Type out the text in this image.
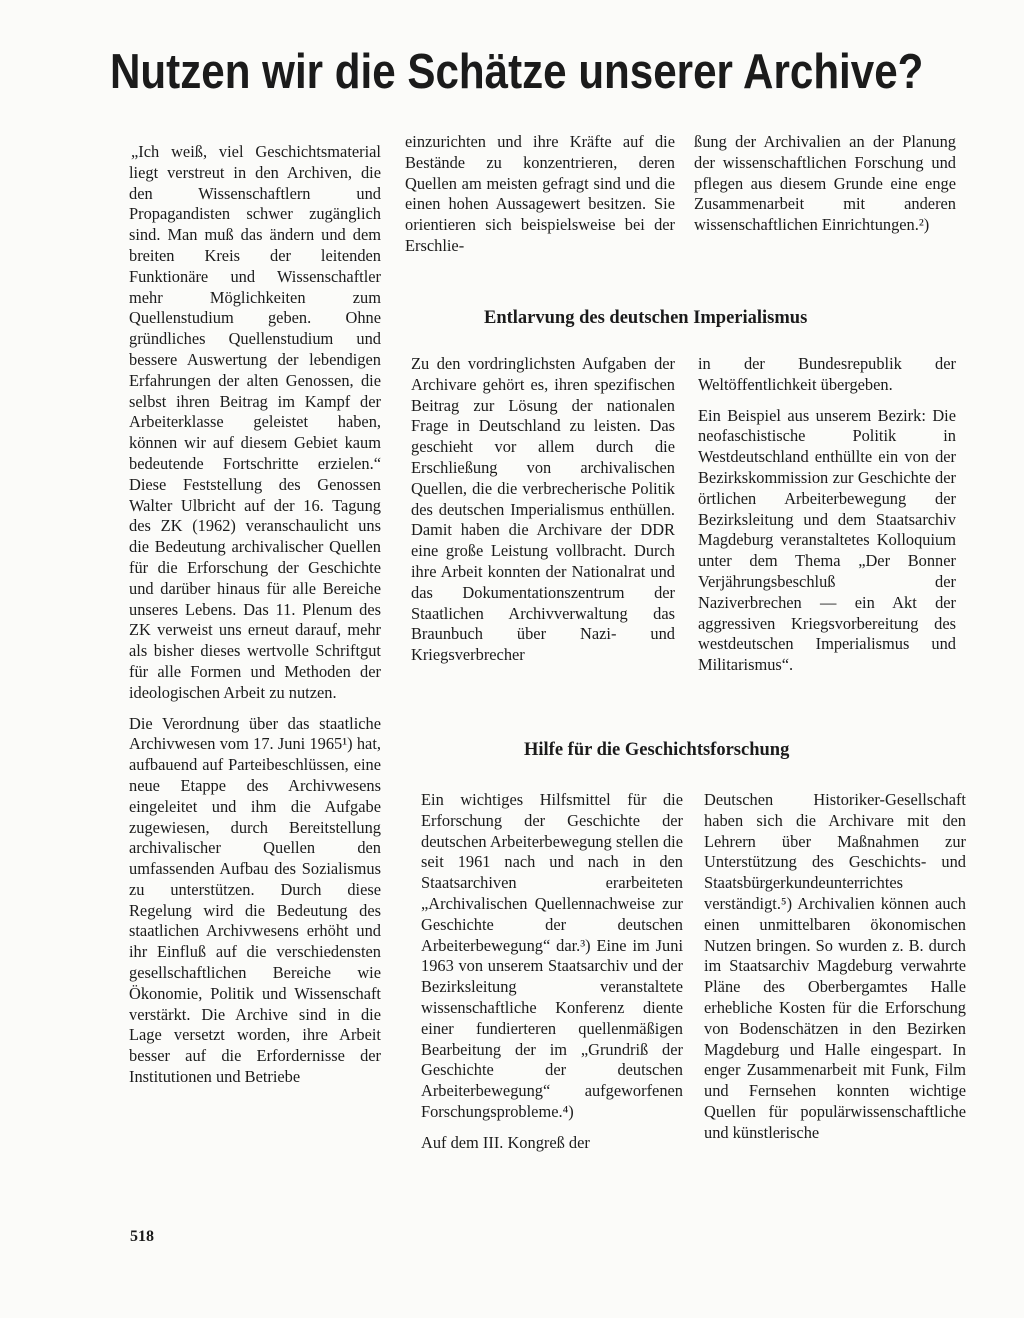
Nutzen wir die Schätze unserer Archive?

„Ich weiß, viel Geschichtsmaterial liegt verstreut in den Archiven, die den Wissenschaftlern und Propagandisten schwer zugänglich sind. Man muß das ändern und dem breiten Kreis der leitenden Funktionäre und Wissenschaftler mehr Möglichkeiten zum Quellenstudium geben. Ohne gründliches Quellenstudium und bessere Auswertung der lebendigen Erfahrungen der alten Genossen, die selbst ihren Beitrag im Kampf der Arbeiterklasse geleistet haben, können wir auf diesem Gebiet kaum bedeutende Fortschritte erzielen.“ Diese Feststellung des Genossen Walter Ulbricht auf der 16. Tagung des ZK (1962) veranschaulicht uns die Bedeutung archivalischer Quellen für die Erforschung der Geschichte und darüber hinaus für alle Bereiche unseres Lebens. Das 11. Plenum des ZK verweist uns erneut darauf, mehr als bisher dieses wertvolle Schriftgut für alle Formen und Methoden der ideologischen Arbeit zu nutzen.

Die Verordnung über das staatliche Archivwesen vom 17. Juni 1965¹) hat, aufbauend auf Parteibeschlüssen, eine neue Etappe des Archivwesens eingeleitet und ihm die Aufgabe zugewiesen, durch Bereitstellung archivalischer Quellen den umfassenden Aufbau des Sozialismus zu unterstützen. Durch diese Regelung wird die Bedeutung des staatlichen Archivwesens erhöht und ihr Einfluß auf die verschiedensten gesellschaftlichen Bereiche wie Ökonomie, Politik und Wissenschaft verstärkt. Die Archive sind in die Lage versetzt worden, ihre Arbeit besser auf die Erfordernisse der Institutionen und Betriebe

einzurichten und ihre Kräfte auf die Bestände zu konzentrieren, deren Quellen am meisten gefragt sind und die einen hohen Aussagewert besitzen. Sie orientieren sich beispielsweise bei der Erschlie-

ßung der Archivalien an der Planung der wissenschaftlichen Forschung und pflegen aus diesem Grunde eine enge Zusammenarbeit mit anderen wissenschaftlichen Einrichtungen.²)

Entlarvung des deutschen Imperialismus

Zu den vordringlichsten Aufgaben der Archivare gehört es, ihren spezifischen Beitrag zur Lösung der nationalen Frage in Deutschland zu leisten. Das geschieht vor allem durch die Erschließung von archivalischen Quellen, die die verbrecherische Politik des deutschen Imperialismus enthüllen. Damit haben die Archivare der DDR eine große Leistung vollbracht. Durch ihre Arbeit konnten der Nationalrat und das Dokumentationszentrum der Staatlichen Archivverwaltung das Braunbuch über Nazi- und Kriegsverbrecher

in der Bundesrepublik der Weltöffentlichkeit übergeben.

Ein Beispiel aus unserem Bezirk: Die neofaschistische Politik in Westdeutschland enthüllte ein von der Bezirkskommission zur Geschichte der örtlichen Arbeiterbewegung der Bezirksleitung und dem Staatsarchiv Magdeburg veranstaltetes Kolloquium unter dem Thema „Der Bonner Verjährungsbeschluß der Naziverbrechen — ein Akt der aggressiven Kriegsvorbereitung des westdeutschen Imperialismus und Militarismus“.

Hilfe für die Geschichtsforschung

Ein wichtiges Hilfsmittel für die Erforschung der Geschichte der deutschen Arbeiterbewegung stellen die seit 1961 nach und nach in den Staatsarchiven erarbeiteten „Archivalischen Quellennachweise zur Geschichte der deutschen Arbeiterbewegung“ dar.³) Eine im Juni 1963 von unserem Staatsarchiv und der Bezirksleitung veranstaltete wissenschaftliche Konferenz diente einer fundierteren quellenmäßigen Bearbeitung der im „Grundriß der Geschichte der deutschen Arbeiterbewegung“ aufgeworfenen Forschungsprobleme.⁴)

Auf dem III. Kongreß der

Deutschen Historiker-Gesellschaft haben sich die Archivare mit den Lehrern über Maßnahmen zur Unterstützung des Geschichts- und Staatsbürgerkundeunterrichtes verständigt.⁵) Archivalien können auch einen unmittelbaren ökonomischen Nutzen bringen. So wurden z. B. durch im Staatsarchiv Magdeburg verwahrte Pläne des Oberbergamtes Halle erhebliche Kosten für die Erforschung von Bodenschätzen in den Bezirken Magdeburg und Halle eingespart. In enger Zusammenarbeit mit Funk, Film und Fernsehen konnten wichtige Quellen für populärwissenschaftliche und künstlerische

518
